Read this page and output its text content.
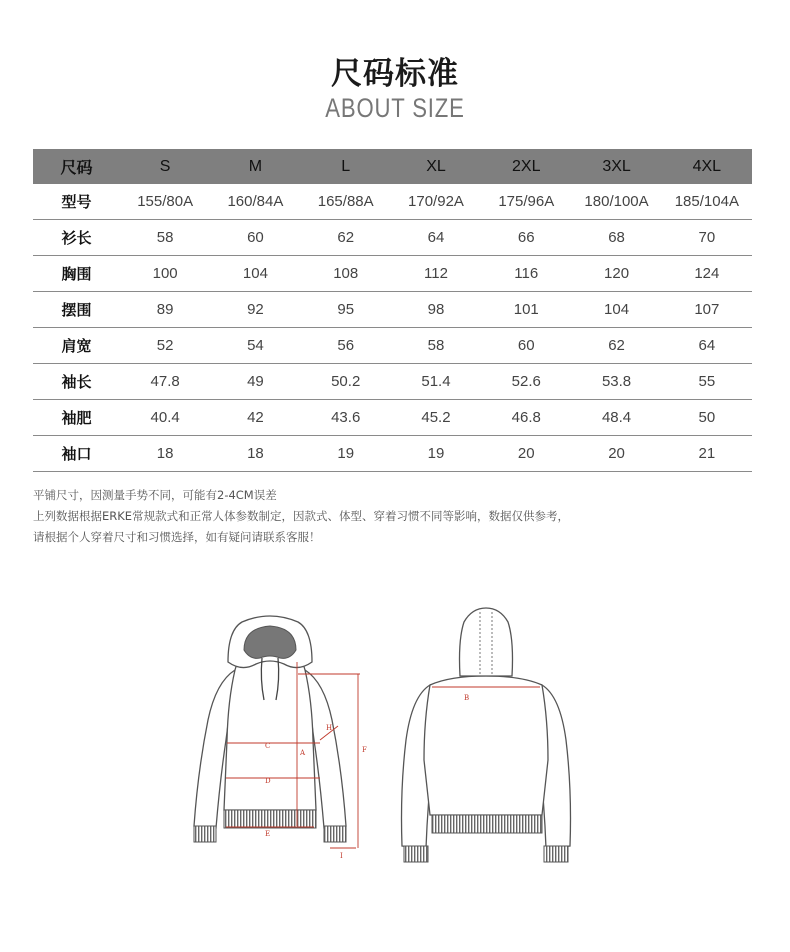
尺码标准
ABOUT SIZE
尺码	S	M	L	XL	2XL	3XL	4XL
型号	155/80A	160/84A	165/88A	170/92A	175/96A	180/100A	185/104A
衫长	58	60	62	64	66	68	70
胸围	100	104	108	112	116	120	124
摆围	89	92	95	98	101	104	107
肩宽	52	54	56	58	60	62	64
袖长	47.8	49	50.2	51.4	52.6	53.8	55
袖肥	40.4	42	43.6	45.2	46.8	48.4	50
袖口	18	18	19	19	20	20	21
平铺尺寸，因测量手势不同，可能有2-4CM误差
上列数据根据ERKE常规款式和正常人体参数制定，因款式、体型、穿着习惯不同等影响，数据仅供参考，
请根据个人穿着尺寸和习惯选择，如有疑问请联系客服！
C
A
D
E
F
H
I
B
